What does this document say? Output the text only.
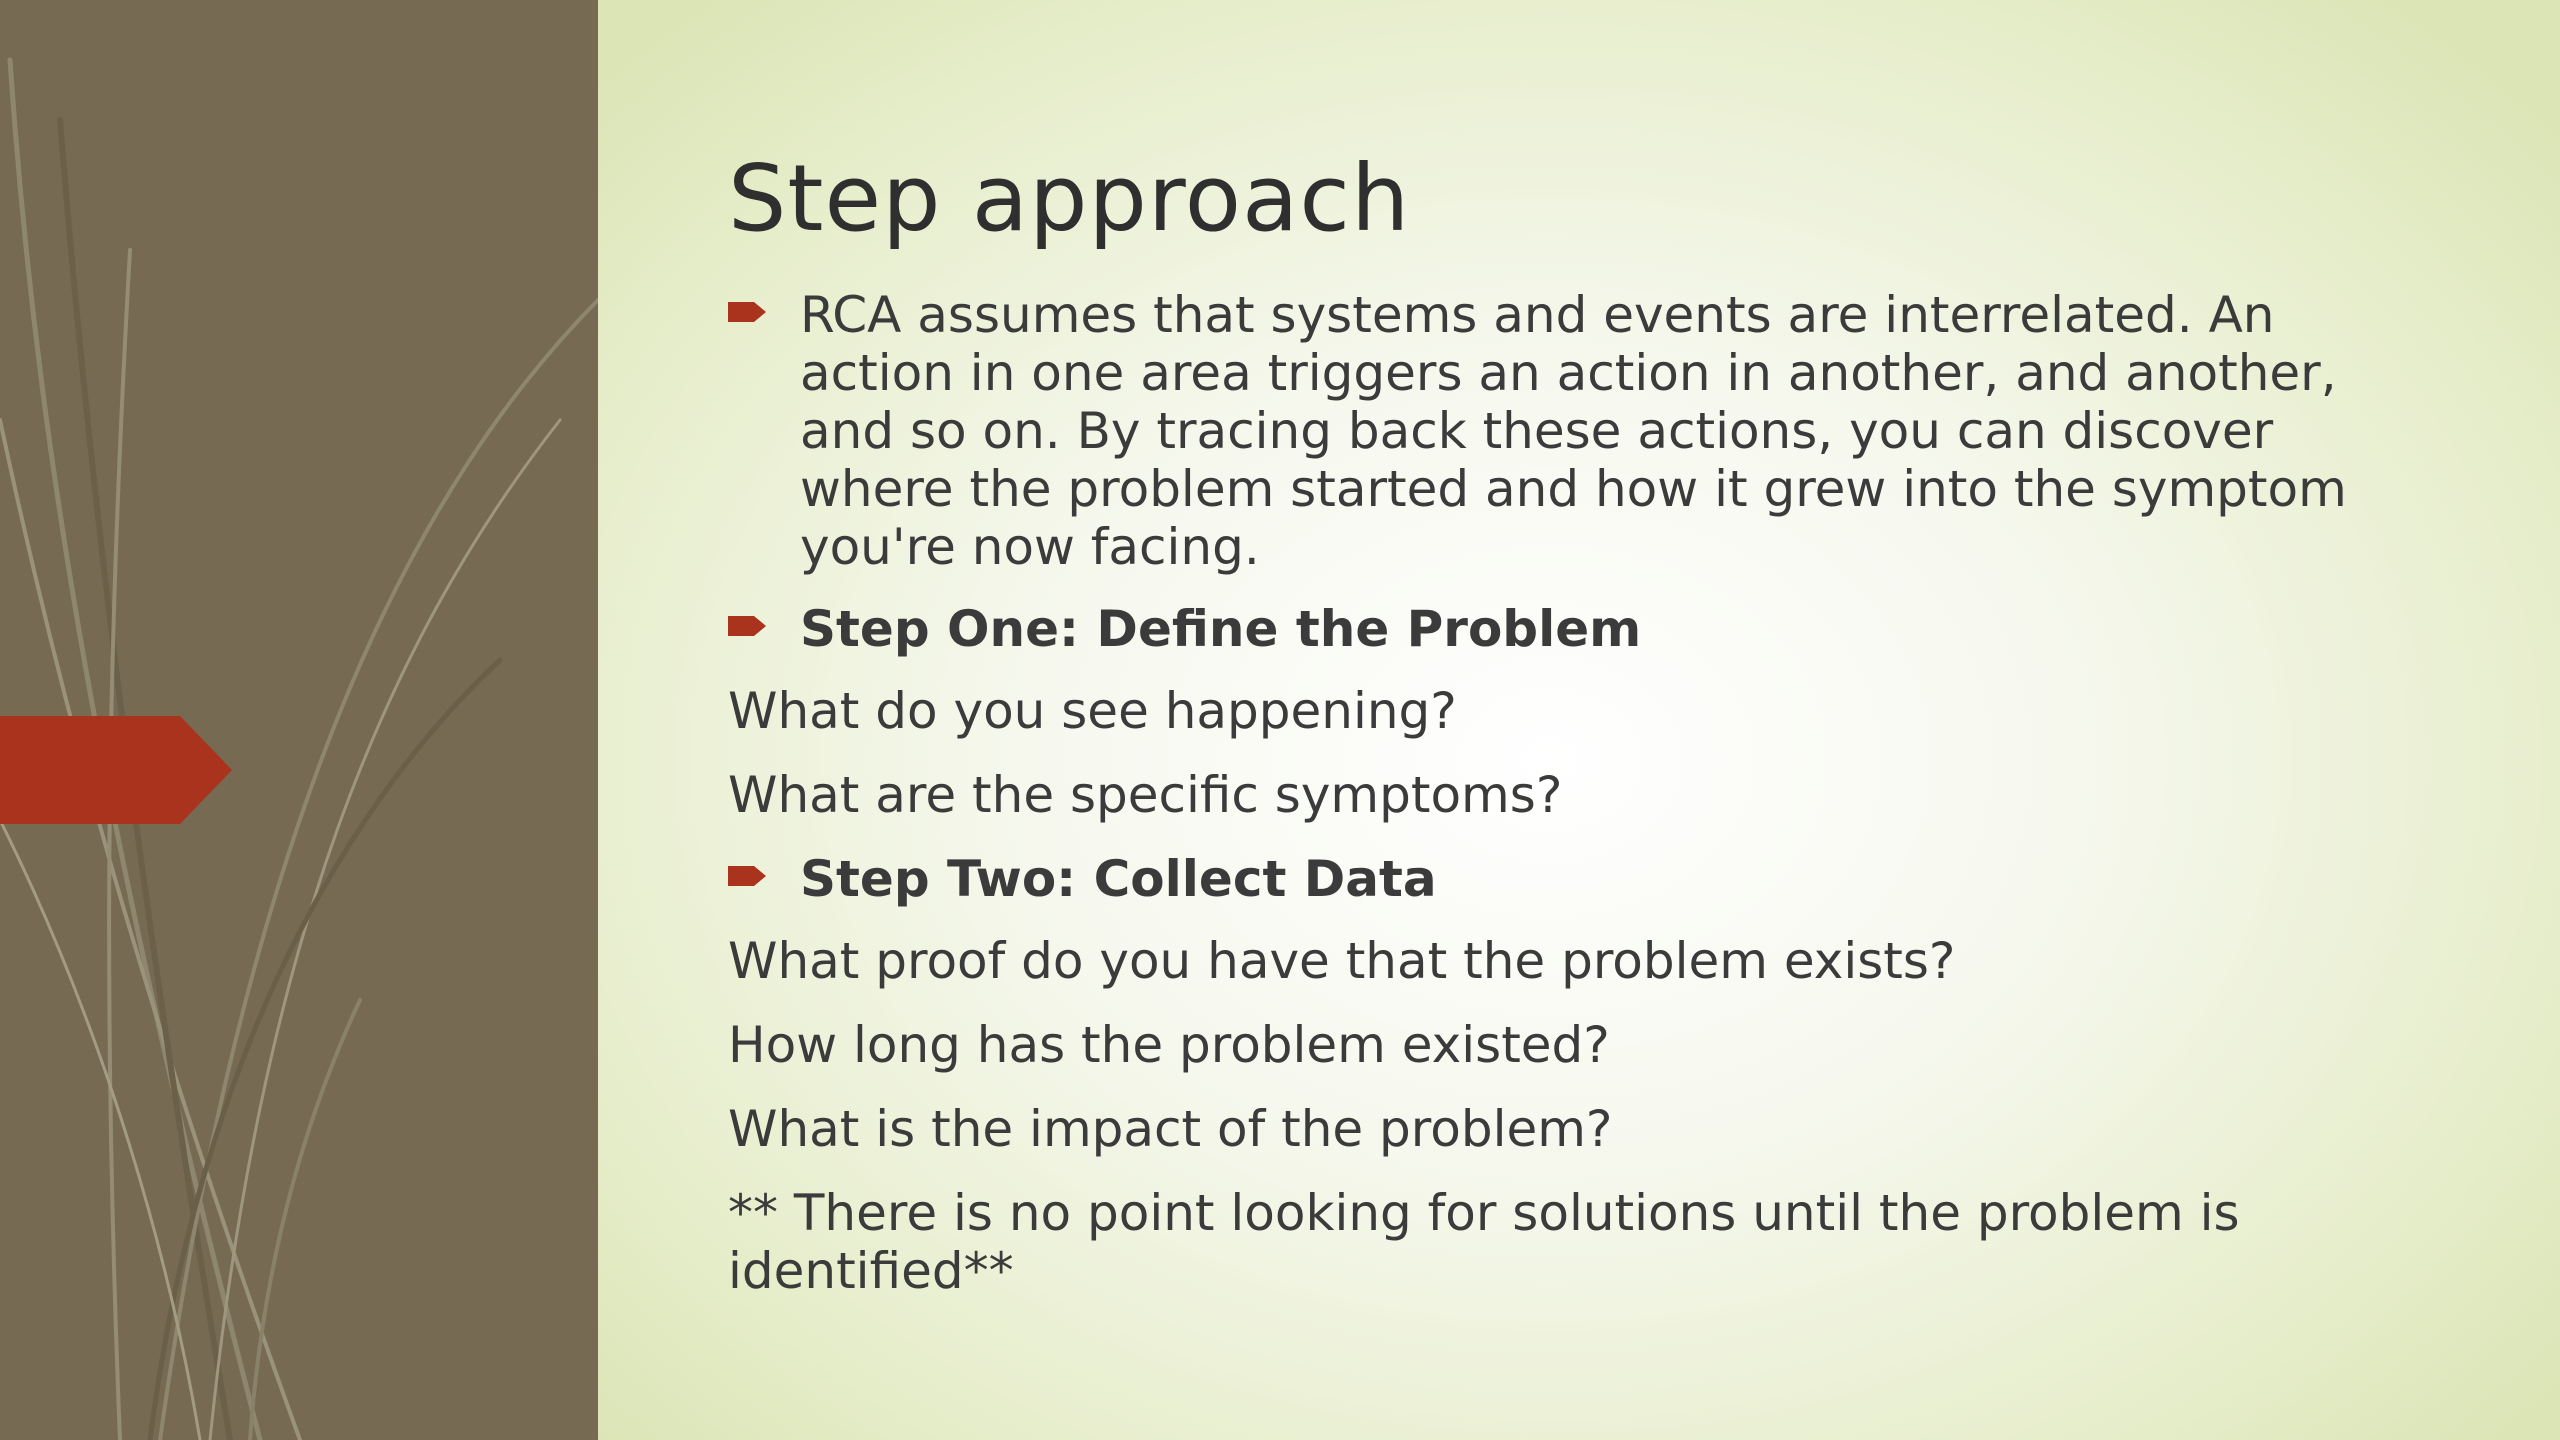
Step approach
RCA assumes that systems and events are interrelated. An action in one area triggers an action in another, and another, and so on. By tracing back these actions, you can discover where the problem started and how it grew into the symptom you're now facing.
Step One: Define the Problem
What do you see happening?
What are the specific symptoms?
Step Two: Collect Data
What proof do you have that the problem exists?
How long has the problem existed?
What is the impact of the problem?
** There is no point looking for solutions until the problem is identified**
